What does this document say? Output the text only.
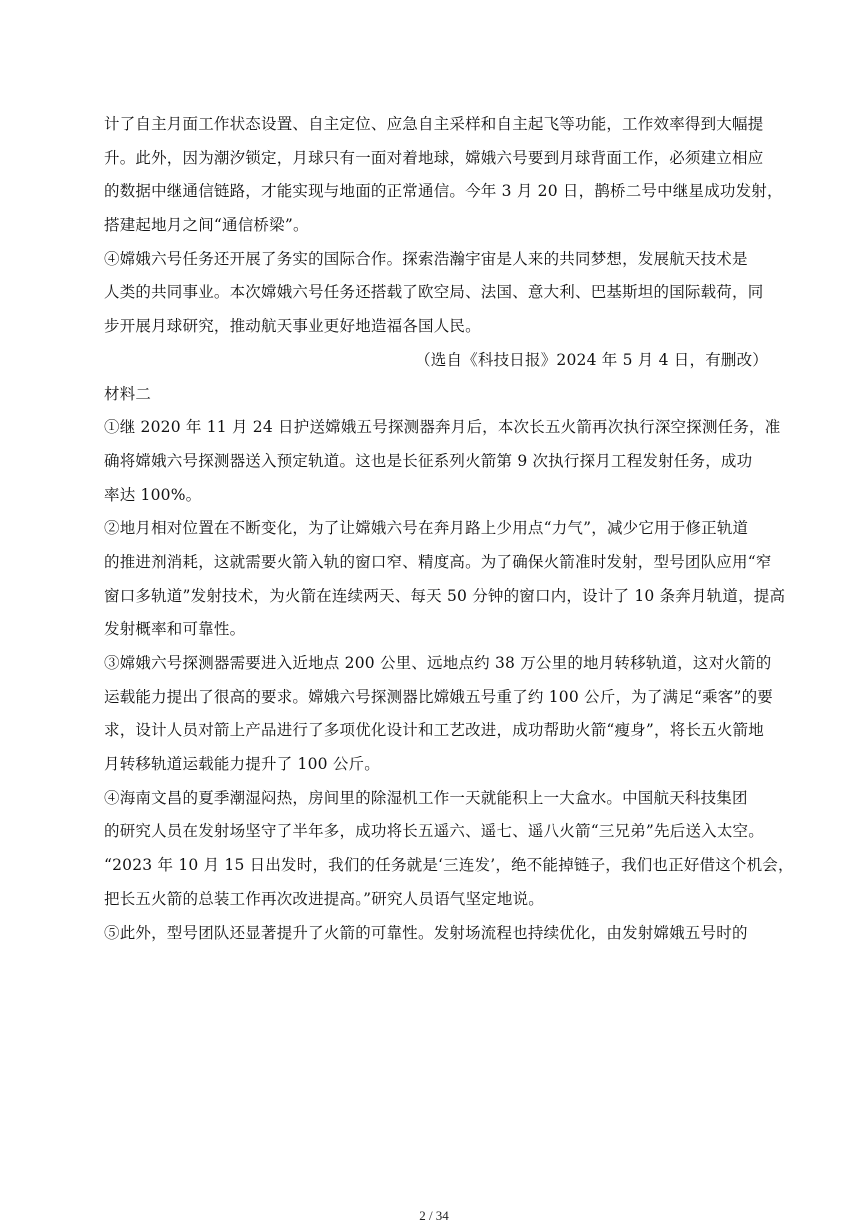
计了自主月面工作状态设置、自主定位、应急自主采样和自主起飞等功能，工作效率得到大幅提
升。此外，因为潮汐锁定，月球只有一面对着地球，嫦娥六号要到月球背面工作，必须建立相应
的数据中继通信链路，才能实现与地面的正常通信。今年 3 月 20 日，鹊桥二号中继星成功发射，
搭建起地月之间“通信桥梁”。
④嫦娥六号任务还开展了务实的国际合作。探索浩瀚宇宙是人来的共同梦想，发展航天技术是
人类的共同事业。本次嫦娥六号任务还搭载了欧空局、法国、意大利、巴基斯坦的国际载荷，同
步开展月球研究，推动航天事业更好地造福各国人民。
（选自《科技日报》2024 年 5 月 4 日，有删改）
材料二
①继 2020 年 11 月 24 日护送嫦娥五号探测器奔月后，本次长五火箭再次执行深空探测任务，准
确将嫦娥六号探测器送入预定轨道。这也是长征系列火箭第 9 次执行探月工程发射任务，成功
率达 100%。
②地月相对位置在不断变化，为了让嫦娥六号在奔月路上少用点“力气”，减少它用于修正轨道
的推进剂消耗，这就需要火箭入轨的窗口窄、精度高。为了确保火箭准时发射，型号团队应用“窄
窗口多轨道”发射技术，为火箭在连续两天、每天 50 分钟的窗口内，设计了 10 条奔月轨道，提高
发射概率和可靠性。
③嫦娥六号探测器需要进入近地点 200 公里、远地点约 38 万公里的地月转移轨道，这对火箭的
运载能力提出了很高的要求。嫦娥六号探测器比嫦娥五号重了约 100 公斤，为了满足“乘客”的要
求，设计人员对箭上产品进行了多项优化设计和工艺改进，成功帮助火箭“瘦身”，将长五火箭地
月转移轨道运载能力提升了 100 公斤。
④海南文昌的夏季潮湿闷热，房间里的除湿机工作一天就能积上一大盒水。中国航天科技集团
的研究人员在发射场坚守了半年多，成功将长五遥六、遥七、遥八火箭“三兄弟”先后送入太空。
“2023 年 10 月 15 日出发时，我们的任务就是‘三连发’，绝不能掉链子，我们也正好借这个机会，
把长五火箭的总装工作再次改进提高。”研究人员语气坚定地说。
⑤此外，型号团队还显著提升了火箭的可靠性。发射场流程也持续优化，由发射嫦娥五号时的
2 / 34
